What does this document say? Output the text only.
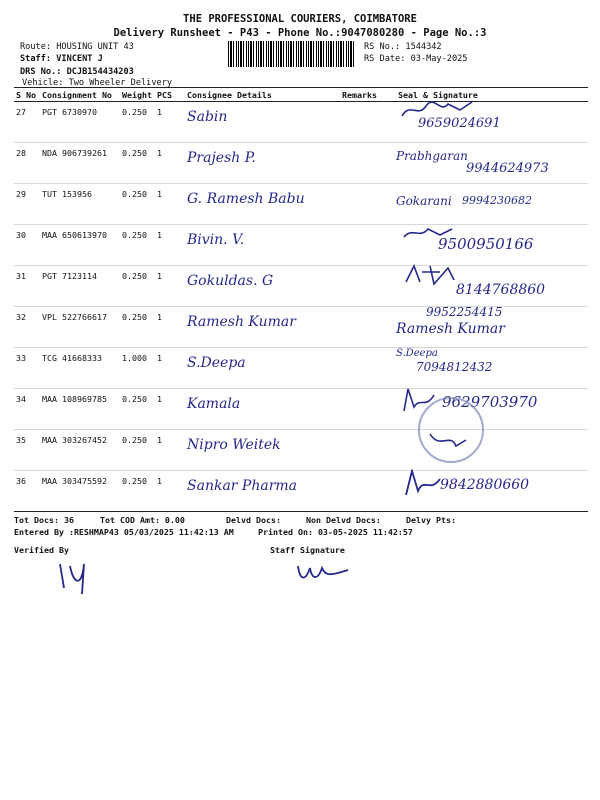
THE PROFESSIONAL COURIERS, COIMBATORE
Delivery Runsheet - P43 - Phone No.:9047080280 - Page No.:3
Route: HOUSING UNIT 43
Staff: VINCENT J
DRS No.: DCJB154434203
Vehicle: Two Wheeler Delivery
RS No.: 1544342
RS Date: 03-May-2025
S No	Consignment No	Weight	PCS	Consignee Details	Remarks	Seal & Signature
27	PGT 6730970	0.250	1	Sabin		9659024691

28	NDA 906739261	0.250	1	Prajesh P.		Prabhgaran
9944624973

29	TUT 153956	0.250	1	G. Ramesh Babu		Gokarani 9994230682

30	MAA 650613970	0.250	1	Bivin. V.		9500950166

31	PGT 7123114	0.250	1	Gokuldas. G		8144768860

32	VPL 522766617	0.250	1	Ramesh Kumar		9952254415
Ramesh Kumar

33	TCG 41668333	1.000	1	S.Deepa		S.Deepa
7094812432

34	MAA 108969785	0.250	1	Kamala		9629703970

35	MAA 303267452	0.250	1	Nipro Weitek		

36	MAA 303475592	0.250	1	Sankar Pharma		9842880660
Tot Docs: 36	Tot COD Amt: 0.00	Delvd Docs:	Non Delvd Docs:	Delvy Pts:
Entered By :RESHMAP43 05/03/2025 11:42:13 AM	Printed On: 03-05-2025 11:42:57
Verified By	Staff Signature
